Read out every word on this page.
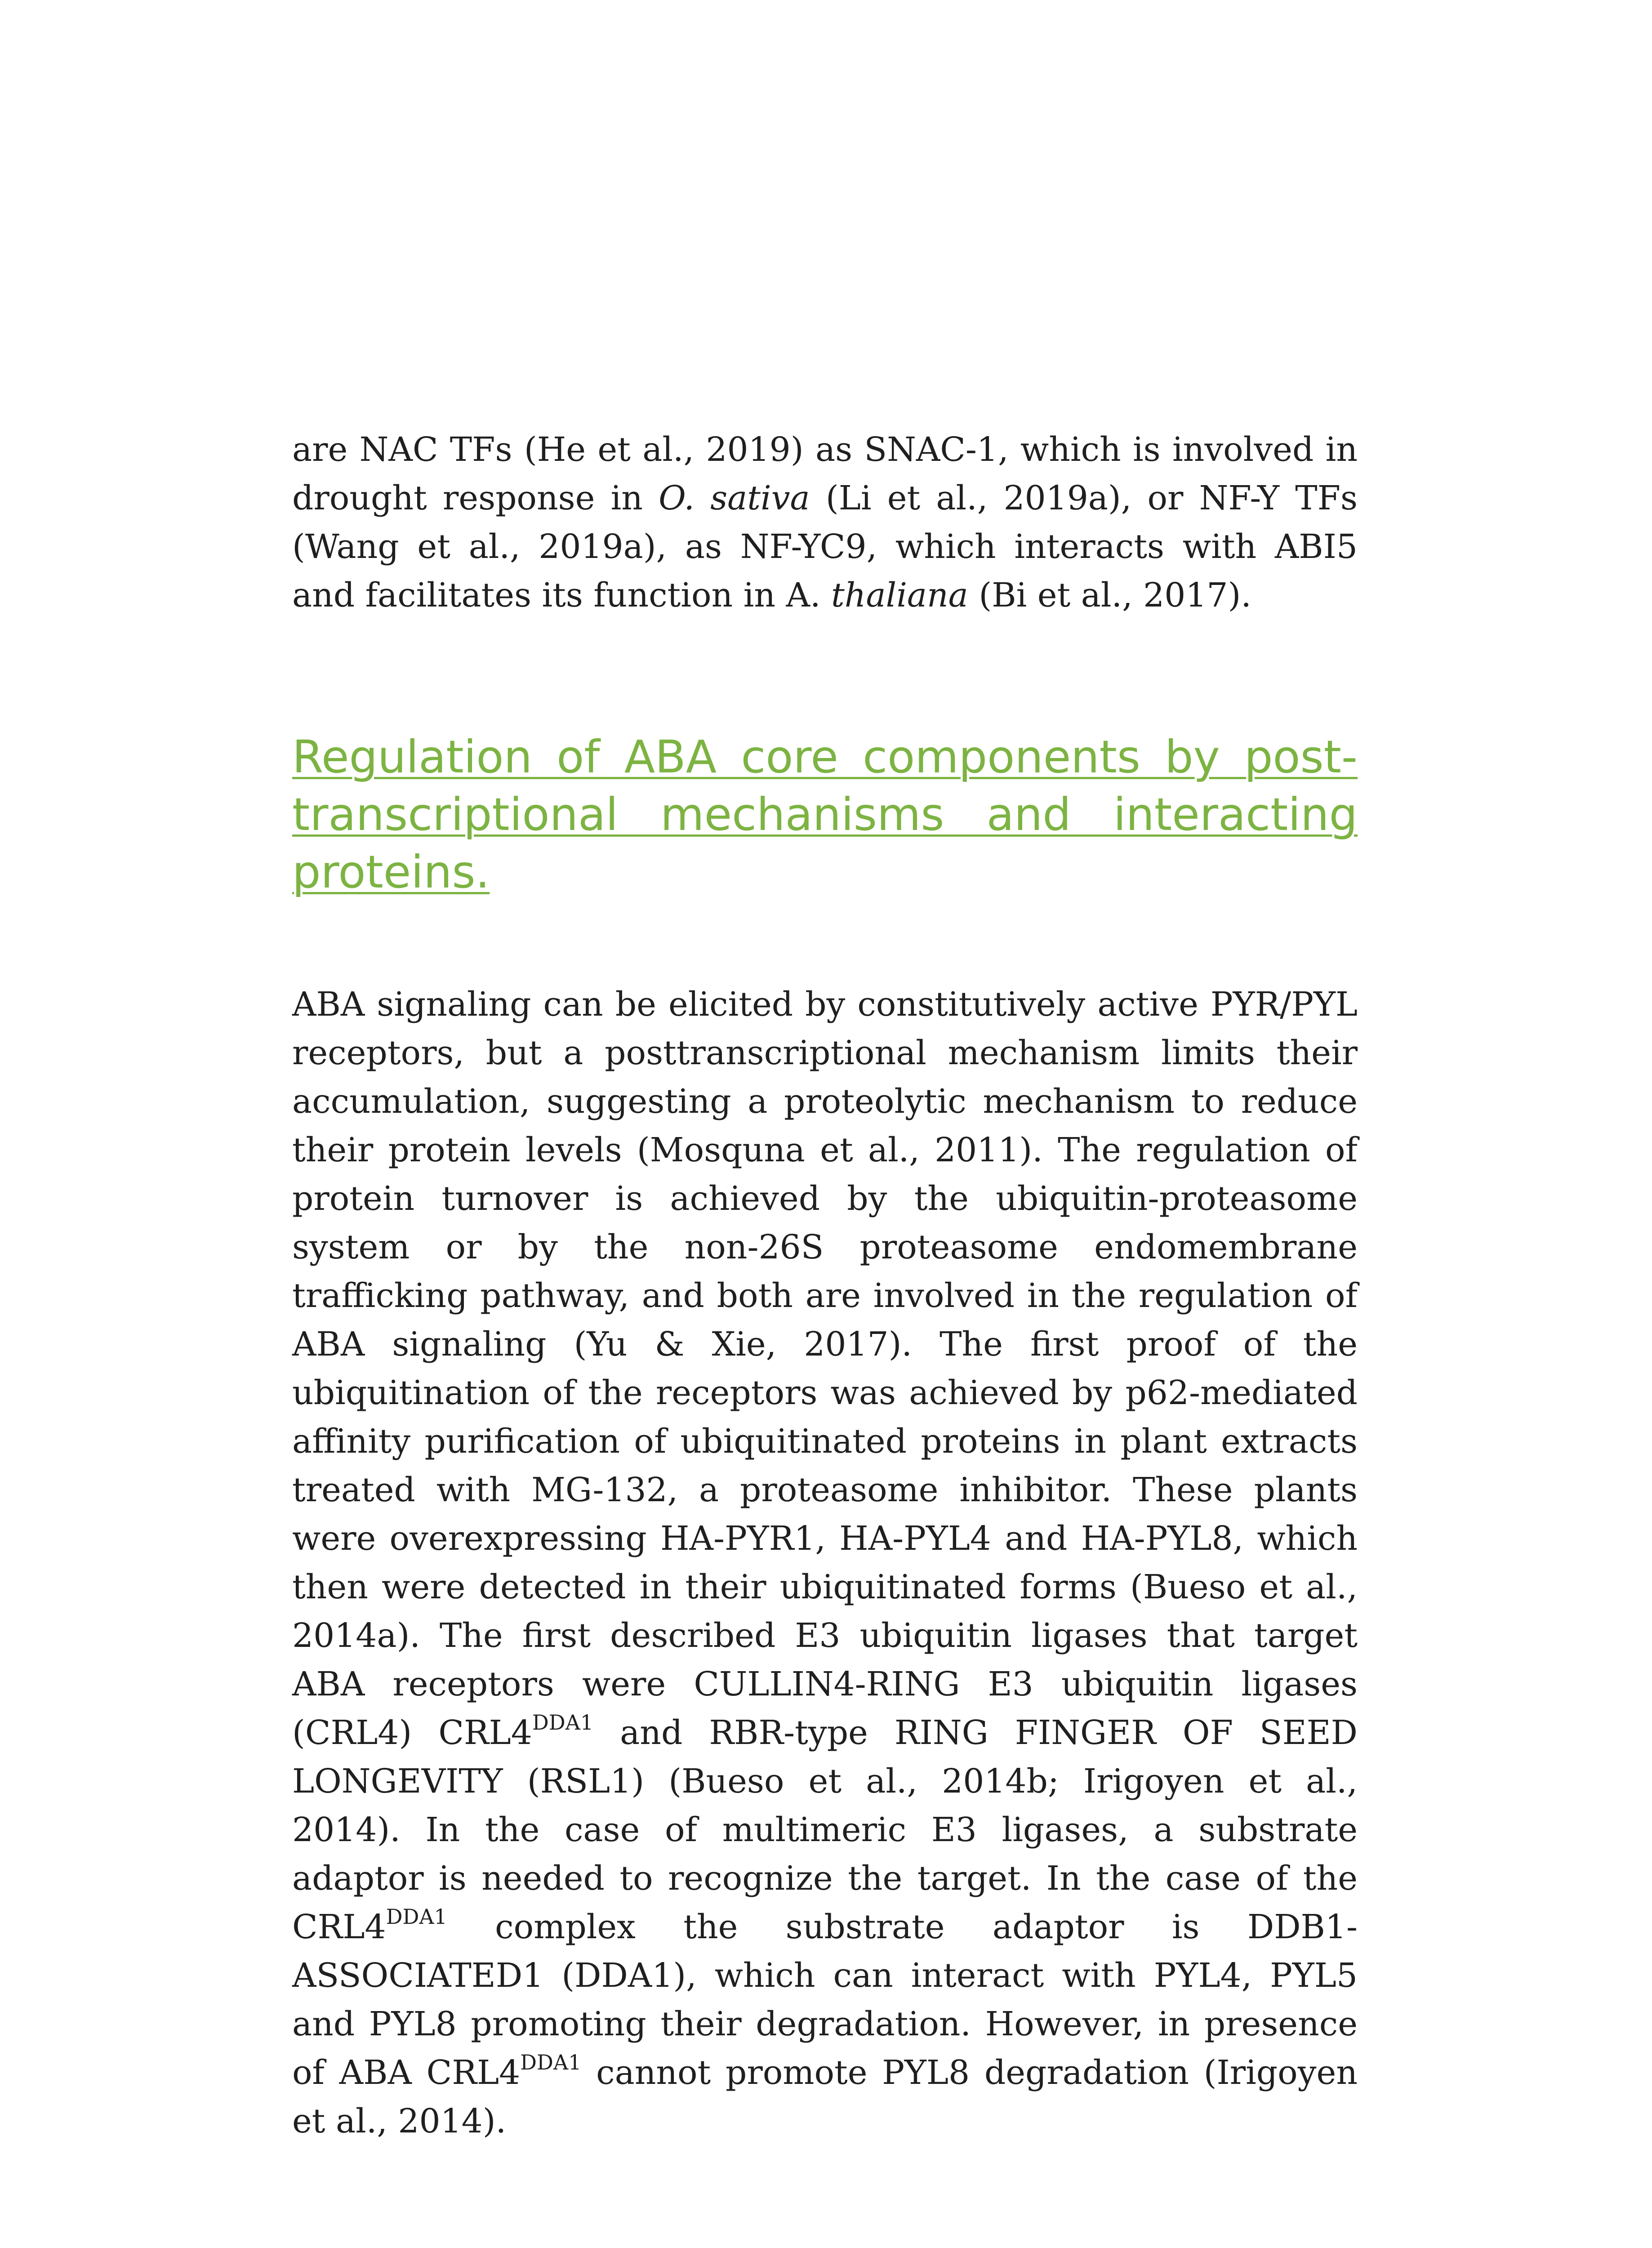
are NAC TFs (He et al., 2019) as SNAC-1, which is involved in drought response in O. sativa (Li et al., 2019a), or NF-Y TFs (Wang et al., 2019a), as NF-YC9, which interacts with ABI5 and facilitates its function in A. thaliana (Bi et al., 2017).

Regulation of ABA core components by post-transcriptional mechanisms and interacting proteins.

ABA signaling can be elicited by constitutively active PYR/PYL receptors, but a posttranscriptional mechanism limits their accumulation, suggesting a proteolytic mechanism to reduce their protein levels (Mosquna et al., 2011). The regulation of protein turnover is achieved by the ubiquitin-proteasome system or by the non-26S proteasome endomembrane trafficking pathway, and both are involved in the regulation of ABA signaling (Yu & Xie, 2017). The first proof of the ubiquitination of the receptors was achieved by p62-mediated affinity purification of ubiquitinated proteins in plant extracts treated with MG-132, a proteasome inhibitor. These plants were overexpressing HA-PYR1, HA-PYL4 and HA-PYL8, which then were detected in their ubiquitinated forms (Bueso et al., 2014a). The first described E3 ubiquitin ligases that target ABA receptors were CULLIN4-RING E3 ubiquitin ligases (CRL4) $CRL4^{DDA1}$ and RBR-type RING FINGER OF SEED LONGEVITY (RSL1) (Bueso et al., 2014b; Irigoyen et al., 2014). In the case of multimeric E3 ligases, a substrate adaptor is needed to recognize the target. In the case of the $CRL4^{DDA1}$ complex the substrate adaptor is DDB1-ASSOCIATED1 (DDA1), which can interact with PYL4, PYL5 and PYL8 promoting their degradation. However, in presence of ABA $CRL4^{DDA1}$ cannot promote PYL8 degradation (Irigoyen et al., 2014).
